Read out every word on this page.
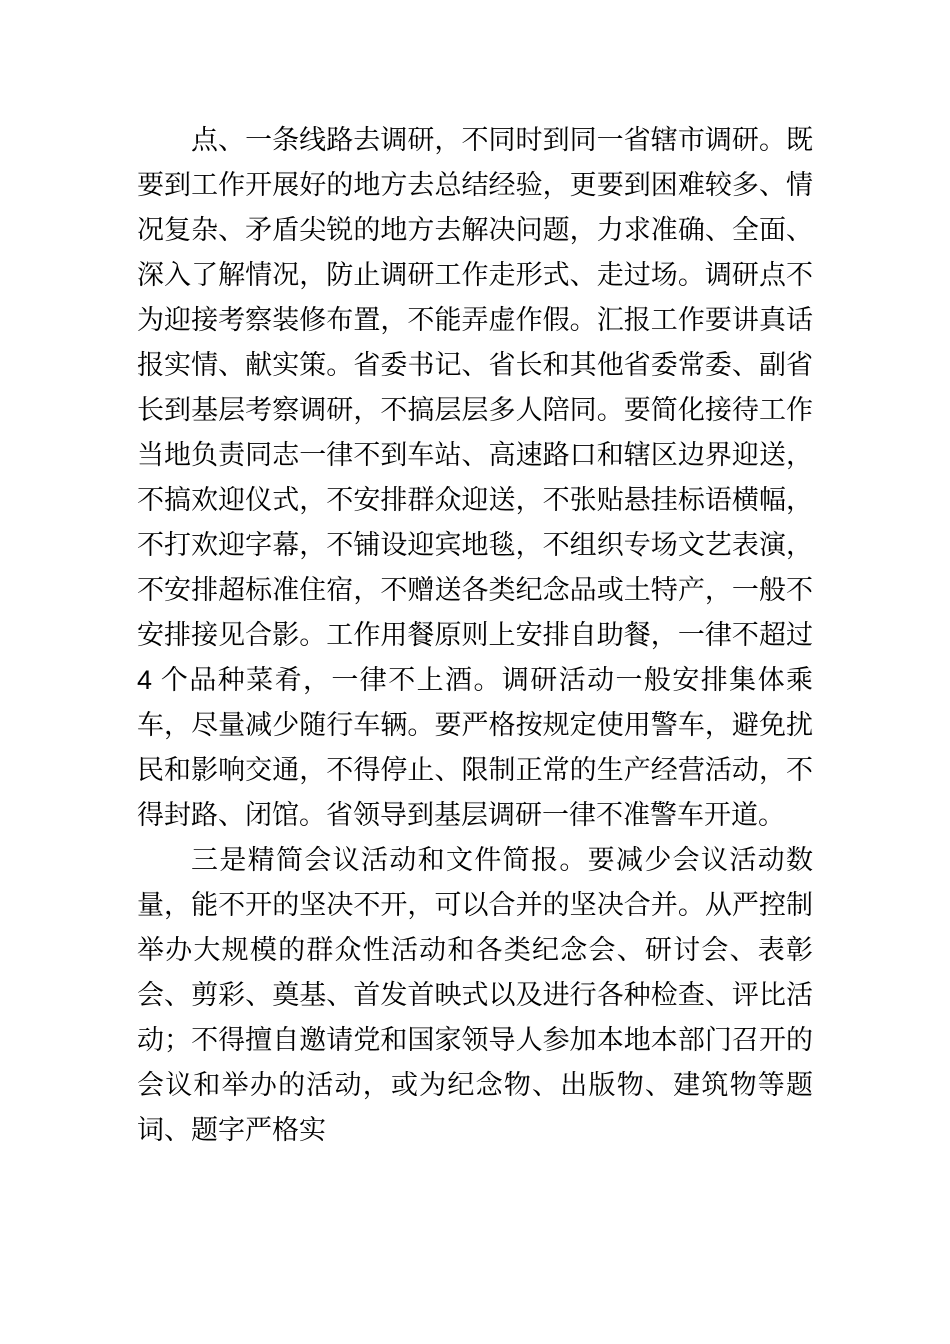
点、一条线路去调研，不同时到同一省辖市调研。既要到工作开展好的地方去总结经验，更要到困难较多、情况复杂、矛盾尖锐的地方去解决问题，力求准确、全面、深入了解情况，防止调研工作走形式、走过场。调研点不为迎接考察装修布置，不能弄虚作假。汇报工作要讲真话报实情、献实策。省委书记、省长和其他省委常委、副省长到基层考察调研，不搞层层多人陪同。要简化接待工作当地负责同志一律不到车站、高速路口和辖区边界迎送，不搞欢迎仪式，不安排群众迎送，不张贴悬挂标语横幅，不打欢迎字幕，不铺设迎宾地毯，不组织专场文艺表演，不安排超标准住宿，不赠送各类纪念品或土特产，一般不安排接见合影。工作用餐原则上安排自助餐，一律不超过 4 个品种菜肴，一律不上酒。调研活动一般安排集体乘车，尽量减少随行车辆。要严格按规定使用警车，避免扰民和影响交通，不得停止、限制正常的生产经营活动，不得封路、闭馆。省领导到基层调研一律不准警车开道。

三是精简会议活动和文件简报。要减少会议活动数量，能不开的坚决不开，可以合并的坚决合并。从严控制举办大规模的群众性活动和各类纪念会、研讨会、表彰会、剪彩、奠基、首发首映式以及进行各种检查、评比活动；不得擅自邀请党和国家领导人参加本地本部门召开的会议和举办的活动，或为纪念物、出版物、建筑物等题词、题字严格实
